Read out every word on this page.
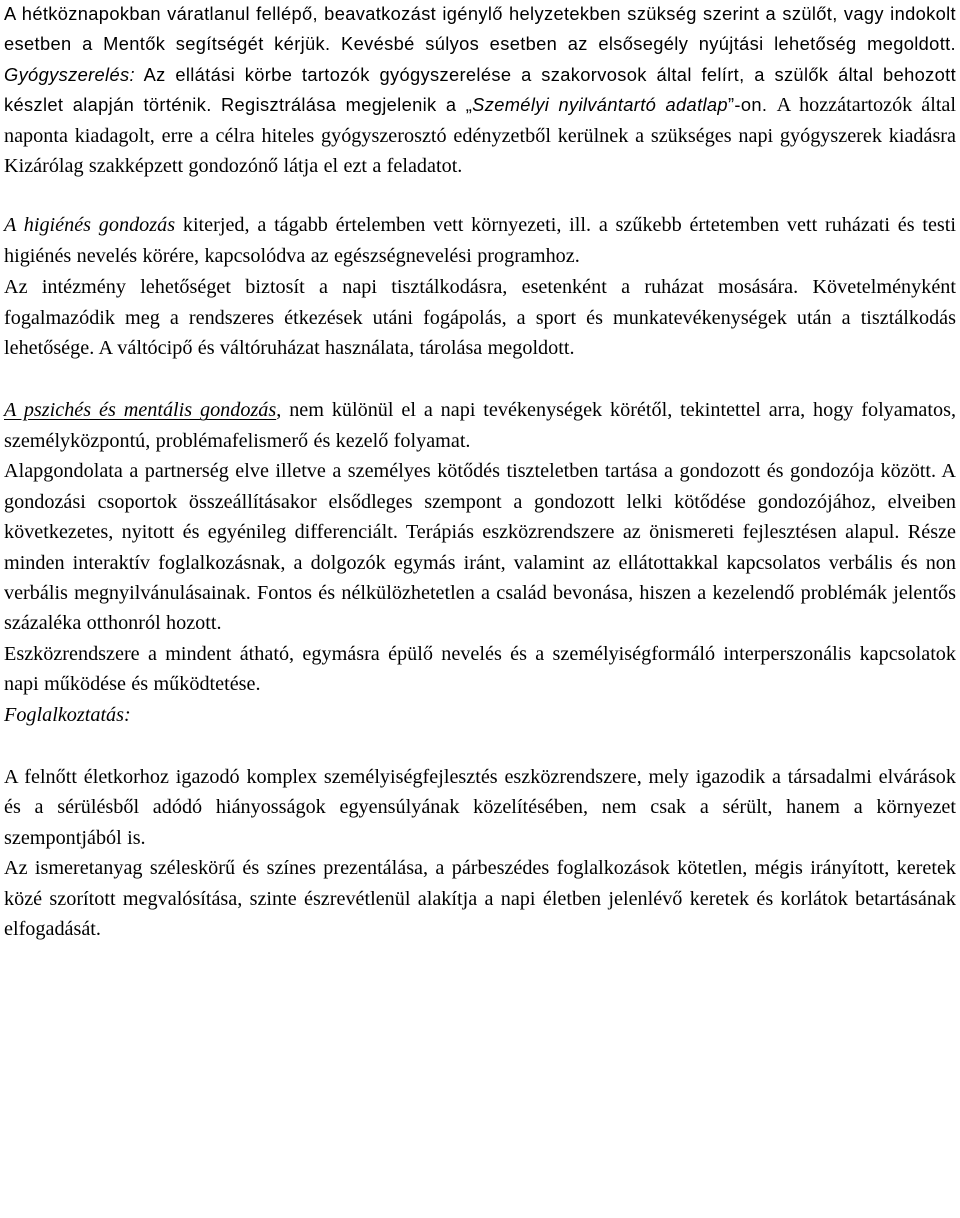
A hétköznapokban váratlanul fellépő, beavatkozást igénylő helyzetekben szükség szerint a szülőt, vagy indokolt esetben a Mentők segítségét kérjük. Kevésbé súlyos esetben az elsősegély nyújtási lehetőség megoldott. Gyógyszerelés: Az ellátási körbe tartozók gyógyszerelése a szakorvosok által felírt, a szülők által behozott készlet alapján történik. Regisztrálása megjelenik a „Személyi nyilvántartó adatlap”-on. A hozzátartozók által naponta kiadagolt, erre a célra hiteles gyógyszerosztó edényzetből kerülnek a szükséges napi gyógyszerek kiadásra Kizárólag szakképzett gondozónő látja el ezt a feladatot.

A higiénés gondozás kiterjed, a tágabb értelemben vett környezeti, ill. a szűkebb értetemben vett ruházati és testi higiénés nevelés körére, kapcsolódva az egészségnevelési programhoz.

Az intézmény lehetőséget biztosít a napi tisztálkodásra, esetenként a ruházat mosására. Követelményként fogalmazódik meg a rendszeres étkezések utáni fogápolás, a sport és munkatevékenységek után a tisztálkodás lehetősége. A váltócipő és váltóruházat használata, tárolása megoldott.

A pszichés és mentális gondozás, nem különül el a napi tevékenységek körétől, tekintettel arra, hogy folyamatos, személyközpontú, problémafelismerő és kezelő folyamat.

Alapgondolata a partnerség elve illetve a személyes kötődés tiszteletben tartása a gondozott és gondozója között. A gondozási csoportok összeállításakor elsődleges szempont a gondozott lelki kötődése gondozójához, elveiben következetes, nyitott és egyénileg differenciált. Terápiás eszközrendszere az önismereti fejlesztésen alapul. Része minden interaktív foglalkozásnak, a dolgozók egymás iránt, valamint az ellátottakkal kapcsolatos verbális és non verbális megnyilvánulásainak. Fontos és nélkülözhetetlen a család bevonása, hiszen a kezelendő problémák jelentős százaléka otthonról hozott.

Eszközrendszere a mindent átható, egymásra épülő nevelés és a személyiségformáló interperszonális kapcsolatok napi működése és működtetése.

Foglalkoztatás:

A felnőtt életkorhoz igazodó komplex személyiségfejlesztés eszközrendszere, mely igazodik a társadalmi elvárások és a sérülésből adódó hiányosságok egyensúlyának közelítésében, nem csak a sérült, hanem a környezet szempontjából is.

Az ismeretanyag széleskörű és színes prezentálása, a párbeszédes foglalkozások kötetlen, mégis irányított, keretek közé szorított megvalósítása, szinte észrevétlenül alakítja a napi életben jelenlévő keretek és korlátok betartásának elfogadását.
